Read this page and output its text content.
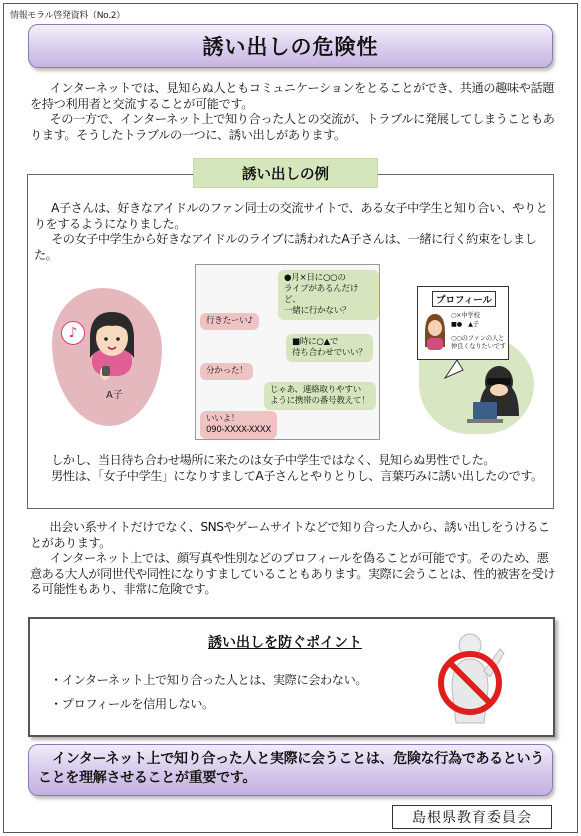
情報モラル啓発資料（No.2）
誘い出しの危険性

インターネットでは、見知らぬ人ともコミュニケーションをとることができ、共通の趣味や話題を持つ利用者と交流することが可能です。

その一方で、インターネット上で知り合った人との交流が、トラブルに発展してしまうこともあります。そうしたトラブルの一つに、誘い出しがあります。

誘い出しの例

A子さんは、好きなアイドルのファン同士の交流サイトで、ある女子中学生と知り合い、やりとりをするようになりました。

その女子中学生から好きなアイドルのライブに誘われたA子さんは、一緒に行く約束をしました。

♪
A子
●月×日に○○の
ライブがあるんだけど、
一緒に行かない？
行きたーい♪
■時に○▲で
待ち合わせでいい？
分かった！
じゃあ、連絡取りやすい
ように携帯の番号教えて！
いいよ！
090-XXXX-XXXX
プロフィール
○×中学校
■●　▲子
○○のファンの人と
仲良くなりたいです

しかし、当日待ち合わせ場所に来たのは女子中学生ではなく、見知らぬ男性でした。

男性は、「女子中学生」になりすましてA子さんとやりとりし、言葉巧みに誘い出したのです。

出会い系サイトだけでなく、SNSやゲームサイトなどで知り合った人から、誘い出しをうけることがあります。

インターネット上では、顔写真や性別などのプロフィールを偽ることが可能です。そのため、悪意ある大人が同世代や同性になりすましていることもあります。実際に会うことは、性的被害を受ける可能性もあり、非常に危険です。

誘い出しを防ぐポイント
・インターネット上で知り合った人とは、実際に会わない。
・プロフィールを信用しない。
インターネット上で知り合った人と実際に会うことは、危険な行為であるということを理解させることが重要です。
島根県教育委員会
